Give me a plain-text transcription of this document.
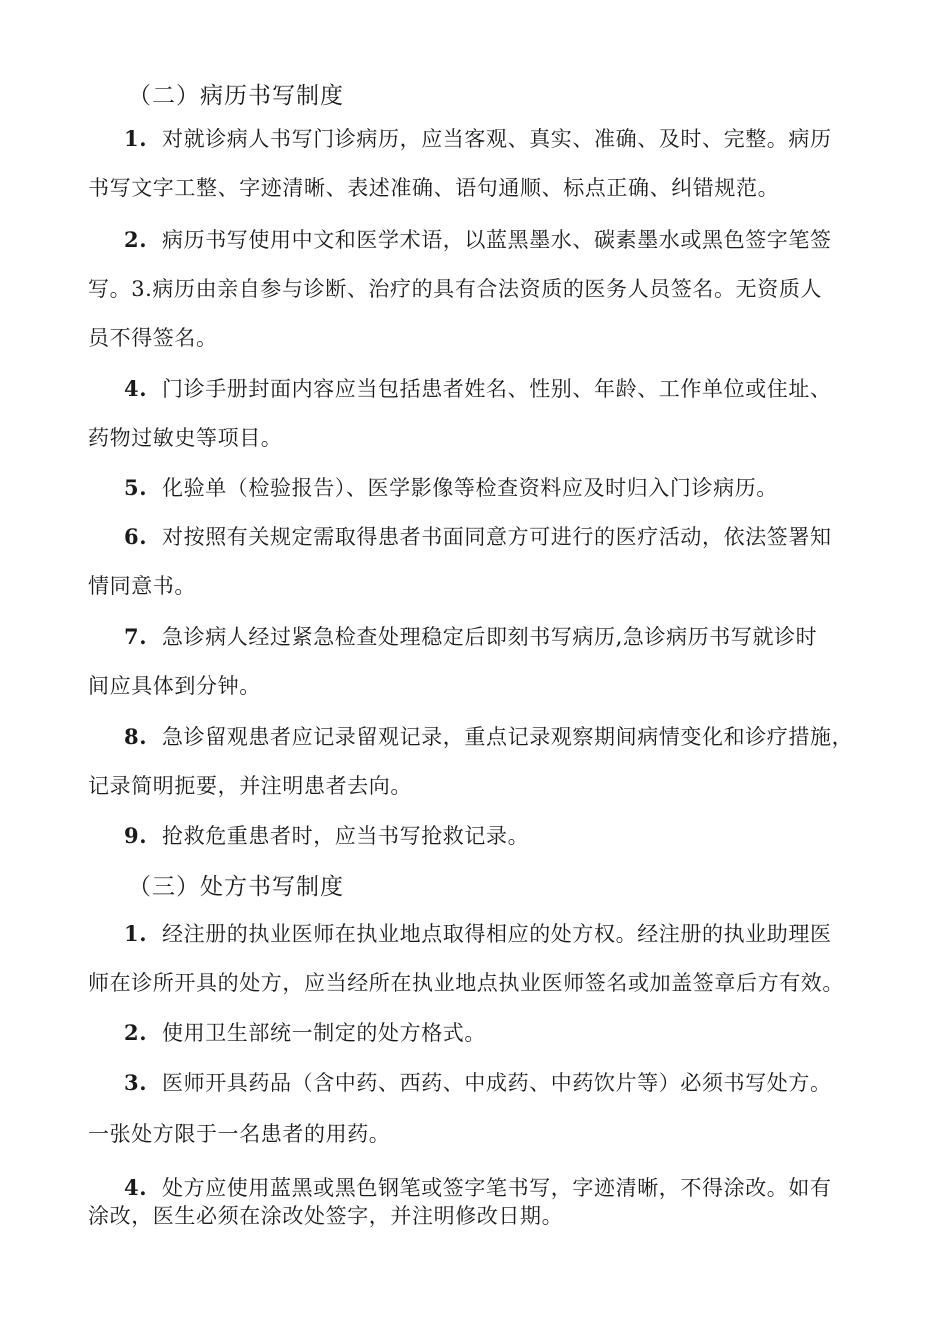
（二）病历书写制度
1. 对就诊病人书写门诊病历，应当客观、真实、准确、及时、完整。病历
书写文字工整、字迹清晰、表述准确、语句通顺、标点正确、纠错规范。
2. 病历书写使用中文和医学术语，以蓝黑墨水、碳素墨水或黑色签字笔签
写。3.病历由亲自参与诊断、治疗的具有合法资质的医务人员签名。无资质人
员不得签名。
4. 门诊手册封面内容应当包括患者姓名、性别、年龄、工作单位或住址、
药物过敏史等项目。
5. 化验单（检验报告）、医学影像等检查资料应及时归入门诊病历。
6. 对按照有关规定需取得患者书面同意方可进行的医疗活动，依法签署知
情同意书。
7. 急诊病人经过紧急检查处理稳定后即刻书写病历,急诊病历书写就诊时
间应具体到分钟。
8. 急诊留观患者应记录留观记录，重点记录观察期间病情变化和诊疗措施，
记录简明扼要，并注明患者去向。
9. 抢救危重患者时，应当书写抢救记录。
（三）处方书写制度
1. 经注册的执业医师在执业地点取得相应的处方权。经注册的执业助理医
师在诊所开具的处方，应当经所在执业地点执业医师签名或加盖签章后方有效。
2. 使用卫生部统一制定的处方格式。
3. 医师开具药品（含中药、西药、中成药、中药饮片等）必须书写处方。
一张处方限于一名患者的用药。
4. 处方应使用蓝黑或黑色钢笔或签字笔书写，字迹清晰，不得涂改。如有
涂改，医生必须在涂改处签字，并注明修改日期。
